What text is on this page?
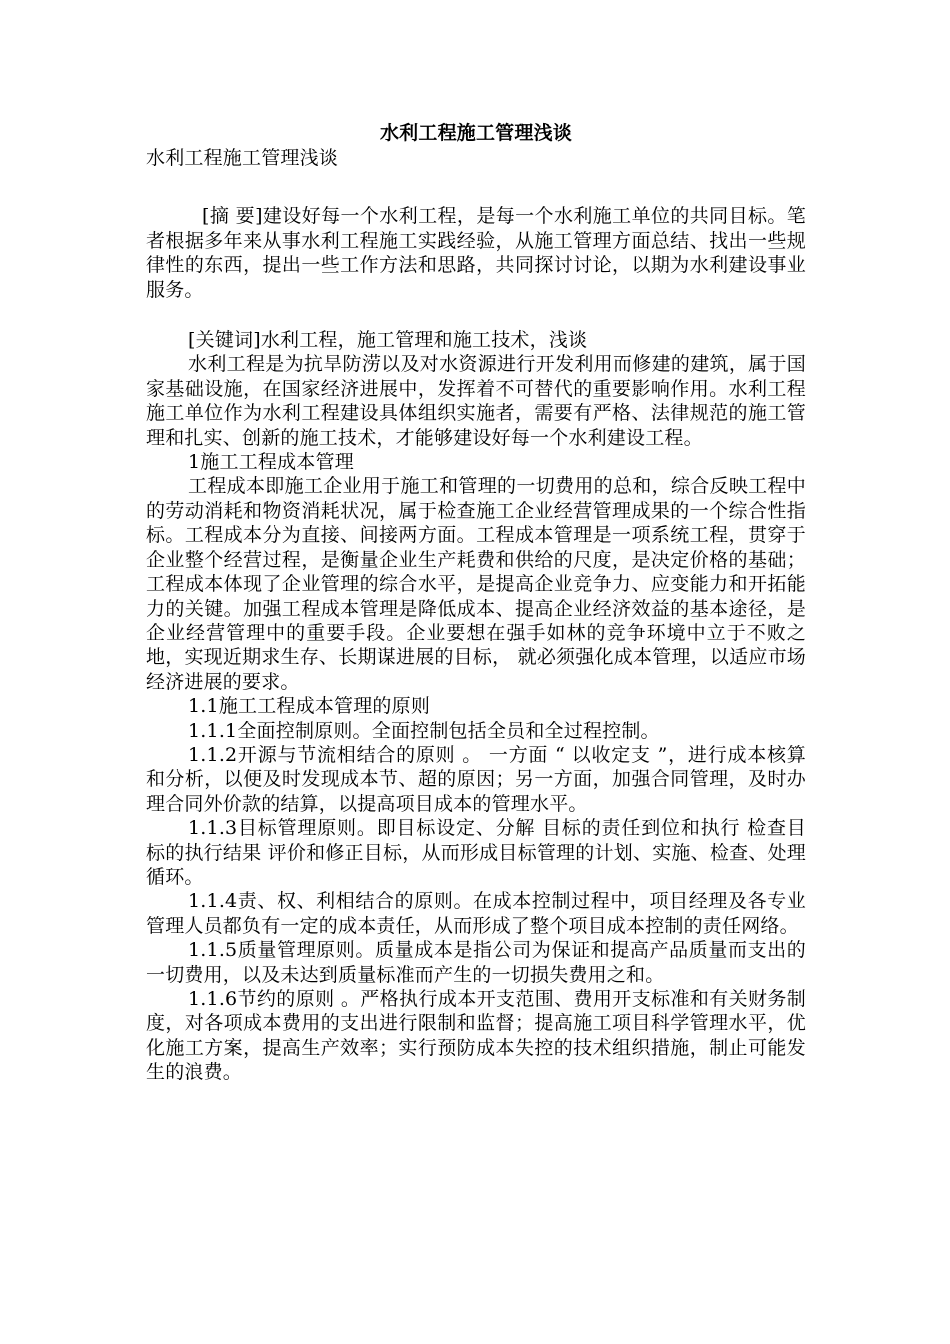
水利工程施工管理浅谈

水利工程施工管理浅谈

[摘 要]建设好每一个水利工程，是每一个水利施工单位的共同目标。笔者根据多年来从事水利工程施工实践经验，从施工管理方面总结、找出一些规律性的东西，提出一些工作方法和思路，共同探讨讨论，以期为水利建设事业服务。

[关键词]水利工程，施工管理和施工技术，浅谈

水利工程是为抗旱防涝以及对水资源进行开发利用而修建的建筑，属于国家基础设施，在国家经济进展中，发挥着不可替代的重要影响作用。水利工程施工单位作为水利工程建设具体组织实施者，需要有严格、法律规范的施工管理和扎实、创新的施工技术，才能够建设好每一个水利建设工程。

1施工工程成本管理

工程成本即施工企业用于施工和管理的一切费用的总和，综合反映工程中的劳动消耗和物资消耗状况，属于检查施工企业经营管理成果的一个综合性指标。工程成本分为直接、间接两方面。工程成本管理是一项系统工程，贯穿于企业整个经营过程，是衡量企业生产耗费和供给的尺度，是决定价格的基础；工程成本体现了企业管理的综合水平，是提高企业竞争力、应变能力和开拓能力的关键。加强工程成本管理是降低成本、提高企业经济效益的基本途径，是企业经营管理中的重要手段。企业要想在强手如林的竞争环境中立于不败之地，实现近期求生存、长期谋进展的目标， 就必须强化成本管理，以适应市场经济进展的要求。

1.1施工工程成本管理的原则

1.1.1全面控制原则。全面控制包括全员和全过程控制。

1.1.2开源与节流相结合的原则 。 一方面 “ 以收定支 ”，进行成本核算和分析，以便及时发现成本节、超的原因；另一方面，加强合同管理，及时办理合同外价款的结算，以提高项目成本的管理水平。

1.1.3目标管理原则。即目标设定、分解 目标的责任到位和执行 检查目标的执行结果 评价和修正目标，从而形成目标管理的计划、实施、检查、处理循环。

1.1.4责、权、利相结合的原则。在成本控制过程中，项目经理及各专业管理人员都负有一定的成本责任，从而形成了整个项目成本控制的责任网络。

1.1.5质量管理原则。质量成本是指公司为保证和提高产品质量而支出的一切费用，以及未达到质量标准而产生的一切损失费用之和。

1.1.6节约的原则 。严格执行成本开支范围、费用开支标准和有关财务制度，对各项成本费用的支出进行限制和监督；提高施工项目科学管理水平，优化施工方案，提高生产效率；实行预防成本失控的技术组织措施，制止可能发生的浪费。
